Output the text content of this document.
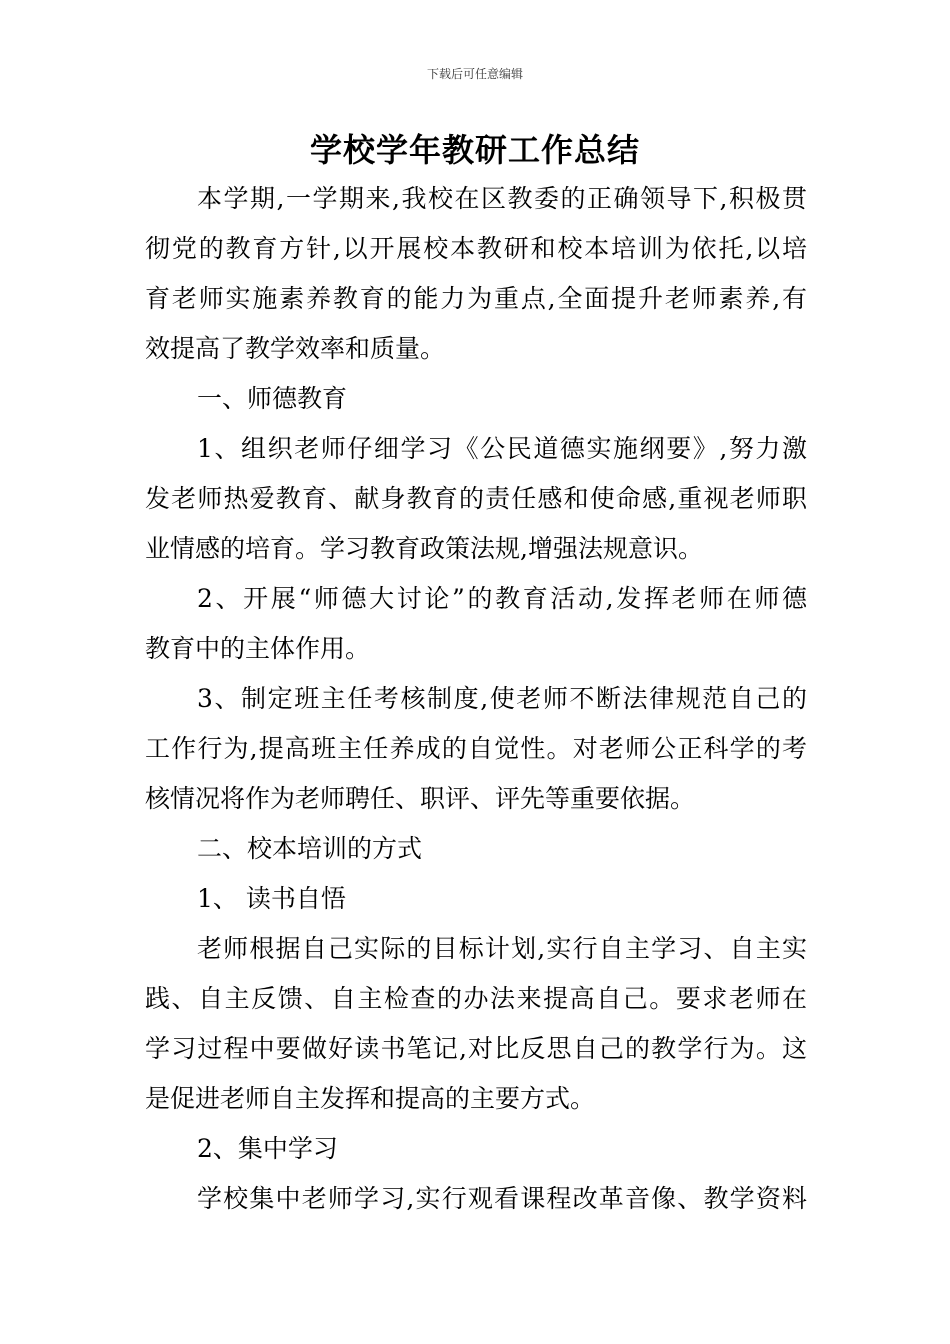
下载后可任意编辑
学校学年教研工作总结
本学期,一学期来,我校在区教委的正确领导下,积极贯
彻党的教育方针,以开展校本教研和校本培训为依托,以培
育老师实施素养教育的能力为重点,全面提升老师素养,有
效提高了教学效率和质量。
一、师德教育
1、组织老师仔细学习《公民道德实施纲要》,努力激
发老师热爱教育、献身教育的责任感和使命感,重视老师职
业情感的培育。学习教育政策法规,增强法规意识。
2、开展“师德大讨论”的教育活动,发挥老师在师德
教育中的主体作用。
3、制定班主任考核制度,使老师不断法律规范自己的
工作行为,提高班主任养成的自觉性。对老师公正科学的考
核情况将作为老师聘任、职评、评先等重要依据。
二、校本培训的方式
1、 读书自悟
老师根据自己实际的目标计划,实行自主学习、自主实
践、自主反馈、自主检查的办法来提高自己。要求老师在
学习过程中要做好读书笔记,对比反思自己的教学行为。这
是促进老师自主发挥和提高的主要方式。
2、集中学习
学校集中老师学习,实行观看课程改革音像、教学资料
